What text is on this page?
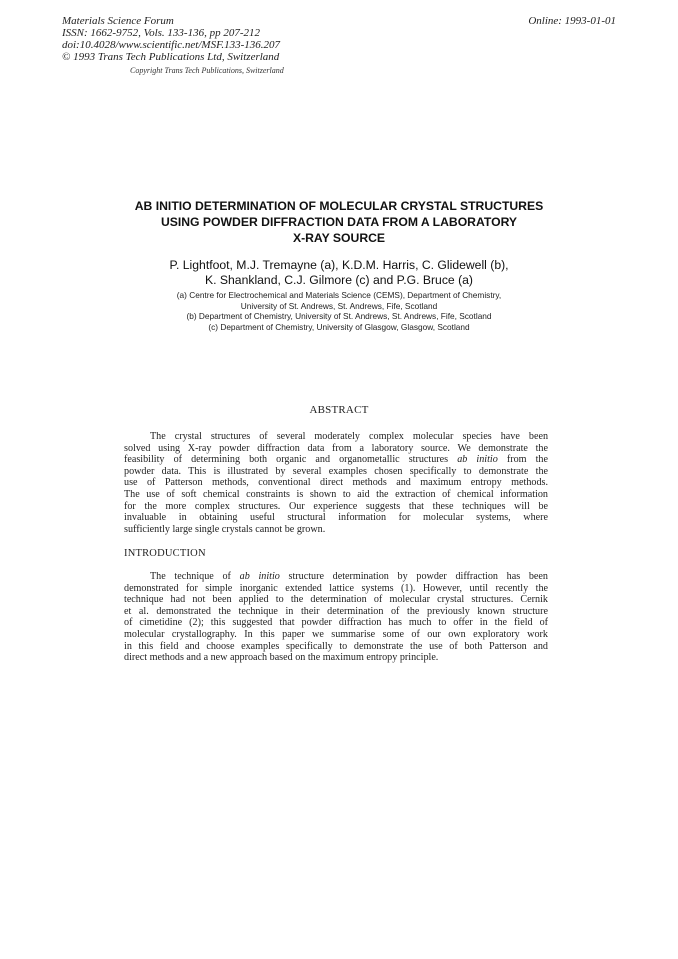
Materials Science Forum
ISSN: 1662-9752, Vols. 133-136, pp 207-212
doi:10.4028/www.scientific.net/MSF.133-136.207
© 1993 Trans Tech Publications Ltd, Switzerland
Online: 1993-01-01
Copyright Trans Tech Publications, Switzerland
AB INITIO DETERMINATION OF MOLECULAR CRYSTAL STRUCTURES
USING POWDER DIFFRACTION DATA FROM A LABORATORY
X-RAY SOURCE
P. Lightfoot, M.J. Tremayne (a), K.D.M. Harris, C. Glidewell (b),
K. Shankland, C.J. Gilmore (c) and P.G. Bruce (a)
(a) Centre for Electrochemical and Materials Science (CEMS), Department of Chemistry,
University of St. Andrews, St. Andrews, Fife, Scotland
(b) Department of Chemistry, University of St. Andrews, St. Andrews, Fife, Scotland
(c) Department of Chemistry, University of Glasgow, Glasgow, Scotland
ABSTRACT
The crystal structures of several moderately complex molecular species have been
solved using X-ray powder diffraction data from a laboratory source. We demonstrate the
feasibility of determining both organic and organometallic structures ab initio from the
powder data. This is illustrated by several examples chosen specifically to demonstrate the
use of Patterson methods, conventional direct methods and maximum entropy methods.
The use of soft chemical constraints is shown to aid the extraction of chemical information
for the more complex structures. Our experience suggests that these techniques will be
invaluable in obtaining useful structural information for molecular systems, where
sufficiently large single crystals cannot be grown.
INTRODUCTION
The technique of ab initio structure determination by powder diffraction has been
demonstrated for simple inorganic extended lattice systems (1). However, until recently the
technique had not been applied to the determination of molecular crystal structures. Cernik
et al. demonstrated the technique in their determination of the previously known structure
of cimetidine (2); this suggested that powder diffraction has much to offer in the field of
molecular crystallography. In this paper we summarise some of our own exploratory work
in this field and choose examples specifically to demonstrate the use of both Patterson and
direct methods and a new approach based on the maximum entropy principle.
